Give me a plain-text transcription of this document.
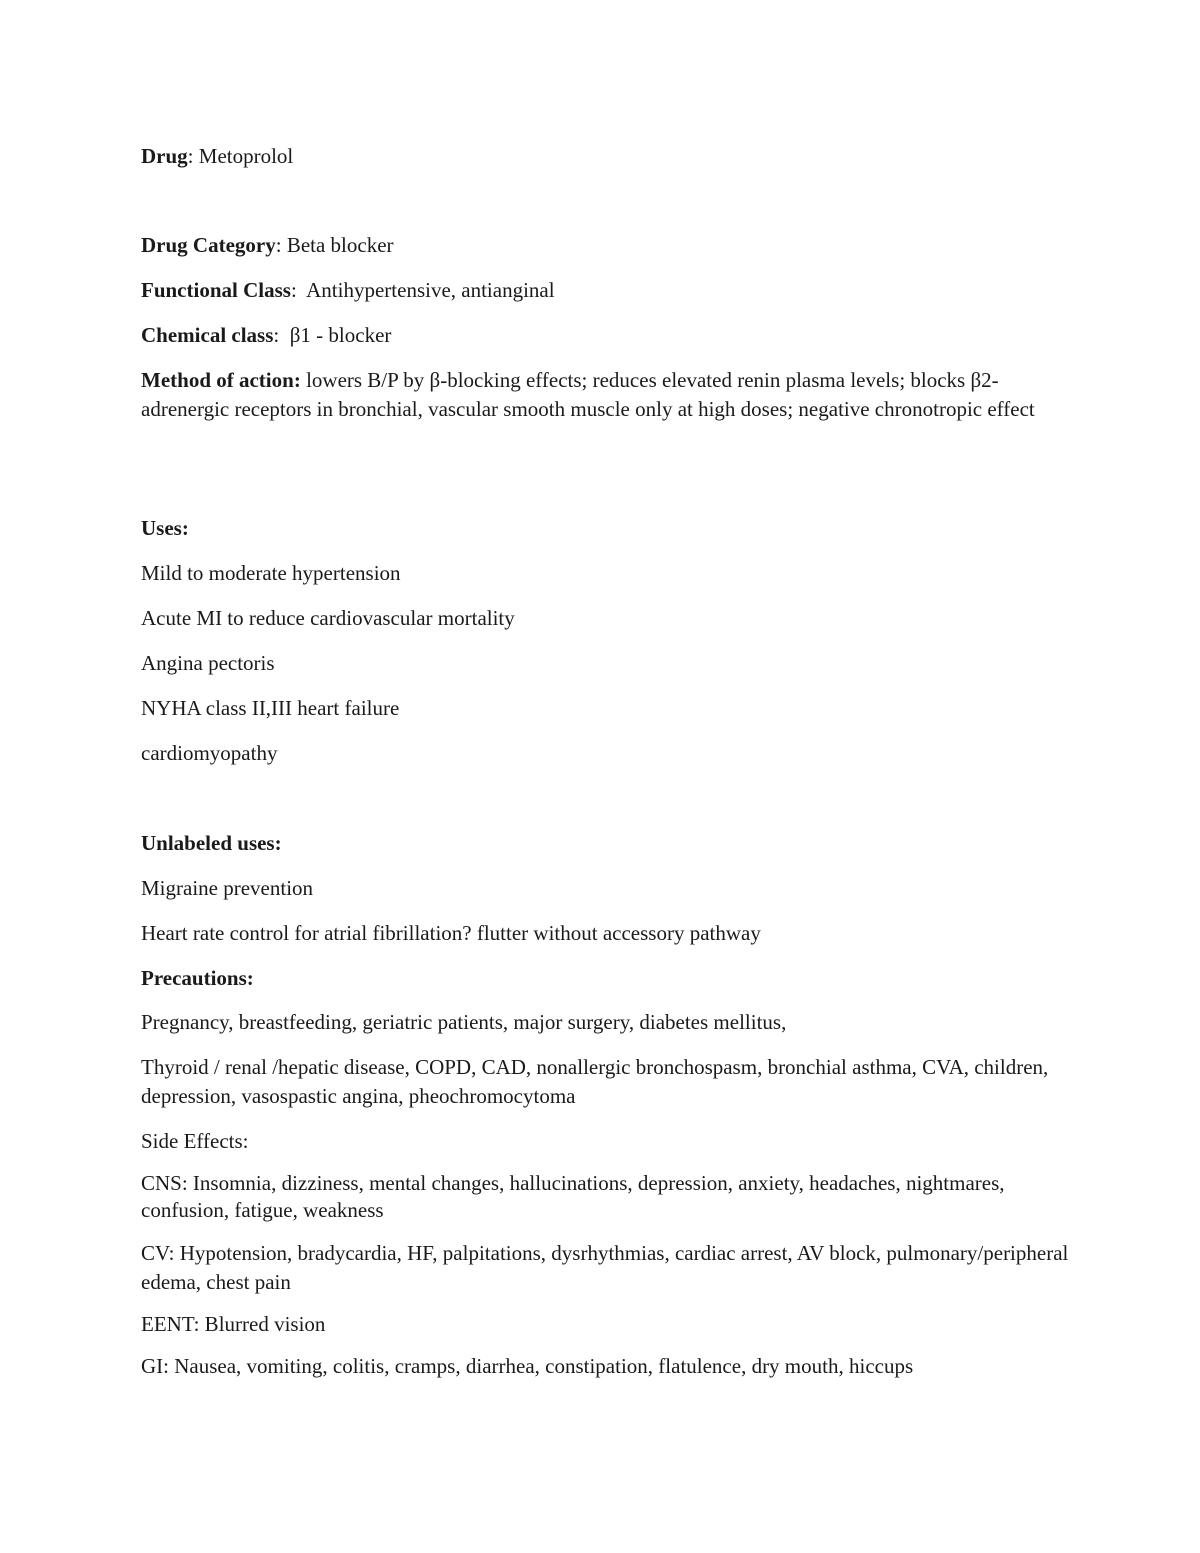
Drug: Metoprolol

Drug Category: Beta blocker

Functional Class:  Antihypertensive, antianginal

Chemical class:  β1 - blocker

Method of action: lowers B/P by β-blocking effects; reduces elevated renin plasma levels; blocks β2-adrenergic receptors in bronchial, vascular smooth muscle only at high doses; negative chronotropic effect

Uses:

Mild to moderate hypertension

Acute MI to reduce cardiovascular mortality

Angina pectoris

NYHA class II,III heart failure

cardiomyopathy

Unlabeled uses:

Migraine prevention

Heart rate control for atrial fibrillation? flutter without accessory pathway

Precautions:

Pregnancy, breastfeeding, geriatric patients, major surgery, diabetes mellitus,

Thyroid / renal /hepatic disease, COPD, CAD, nonallergic bronchospasm, bronchial asthma, CVA, children, depression, vasospastic angina, pheochromocytoma

Side Effects:

CNS: Insomnia, dizziness, mental changes, hallucinations, depression, anxiety, headaches, nightmares, confusion, fatigue, weakness

CV: Hypotension, bradycardia, HF, palpitations, dysrhythmias, cardiac arrest, AV block, pulmonary/peripheral edema, chest pain

EENT: Blurred vision

GI: Nausea, vomiting, colitis, cramps, diarrhea, constipation, flatulence, dry mouth, hiccups
